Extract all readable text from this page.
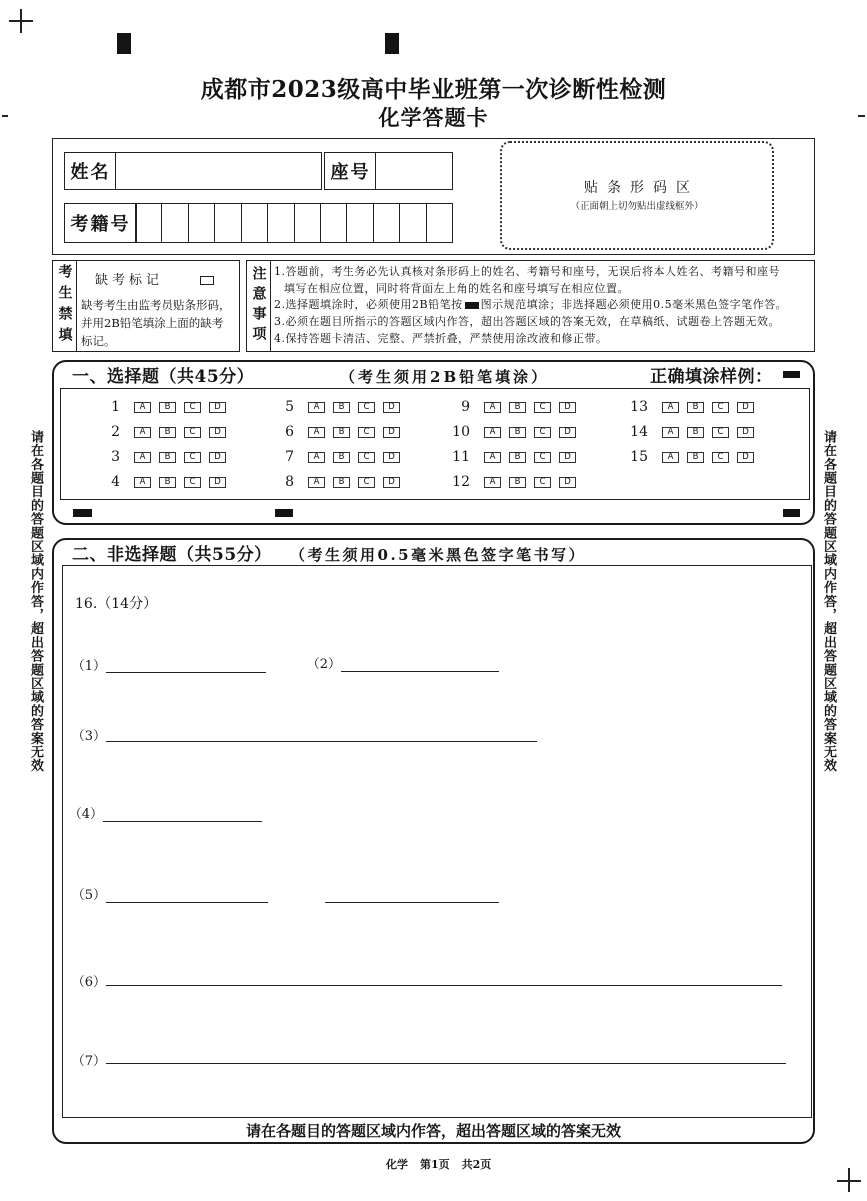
成都市2023级高中毕业班第一次诊断性检测
化学答题卡
姓名	座号
考籍号
贴条形码区
（正面朝上切勿贴出虚线框外）
考生禁填 缺考标记
缺考考生由监考员贴条形码，
并用2B铅笔填涂上面的缺考
标记。	注意事项 1.答题前，考生务必先认真核对条形码上的姓名、考籍号和座号，无误后将本人姓名、考籍号和座号
填写在相应位置，同时将背面左上角的姓名和座号填写在相应位置。
2.选择题填涂时，必须使用2B铅笔按 图示规范填涂；非选择题必须使用0.5毫米黑色签字笔作答。
3.必须在题目所指示的答题区域内作答，超出答题区域的答案无效，在草稿纸、试题卷上答题无效。
4.保持答题卡清洁、完整、严禁折叠，严禁使用涂改液和修正带。
请在各题目的答题区域内作答，超出答题区域的答案无效	请在各题目的答题区域内作答，超出答题区域的答案无效
一、选择题（共45分）	（考生须用2B铅笔填涂）	正确填涂样例：
1	A	B	C	D
2	A	B	C	D
3	A	B	C	D
4	A	B	C	D
5	A	B	C	D
6	A	B	C	D
7	A	B	C	D
8	A	B	C	D
9	A	B	C	D
10	A	B	C	D
11	A	B	C	D
12	A	B	C	D
13	A	B	C	D
14	A	B	C	D
15	A	B	C	D
二、非选择题（共55分） （考生须用0.5毫米黑色签字笔书写）
16.（14分）
（1）	（2）
（3）
（4）
（5）
（6）
（7）
请在各题目的答题区域内作答，超出答题区域的答案无效
化学 第1页 共2页
